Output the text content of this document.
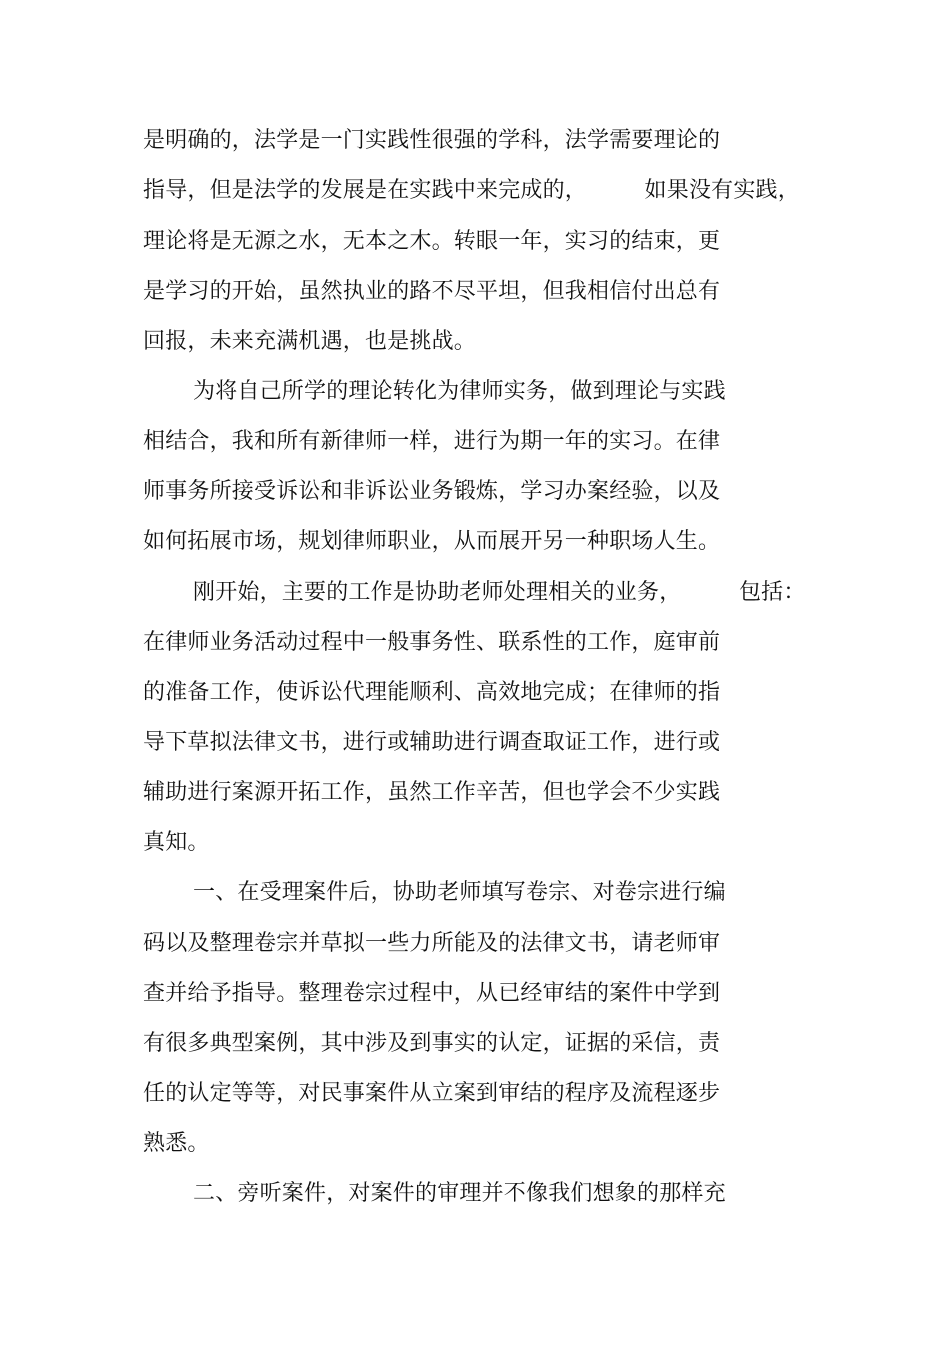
是明确的，法学是一门实践性很强的学科，法学需要理论的
指导，但是法学的发展是在实践中来完成的，        如果没有实践，
理论将是无源之水，无本之木。转眼一年，实习的结束，更
是学习的开始，虽然执业的路不尽平坦，但我相信付出总有
回报，未来充满机遇，也是挑战。
为将自己所学的理论转化为律师实务，做到理论与实践
相结合，我和所有新律师一样，进行为期一年的实习。在律
师事务所接受诉讼和非诉讼业务锻炼，学习办案经验，以及
如何拓展市场，规划律师职业，从而展开另一种职场人生。
刚开始，主要的工作是协助老师处理相关的业务，        包括：
在律师业务活动过程中一般事务性、联系性的工作，庭审前
的准备工作，使诉讼代理能顺利、高效地完成；在律师的指
导下草拟法律文书，进行或辅助进行调查取证工作，进行或
辅助进行案源开拓工作，虽然工作辛苦，但也学会不少实践
真知。
一、在受理案件后，协助老师填写卷宗、对卷宗进行编
码以及整理卷宗并草拟一些力所能及的法律文书，请老师审
查并给予指导。整理卷宗过程中，从已经审结的案件中学到
有很多典型案例，其中涉及到事实的认定，证据的采信，责
任的认定等等，对民事案件从立案到审结的程序及流程逐步
熟悉。
二、旁听案件，对案件的审理并不像我们想象的那样充
